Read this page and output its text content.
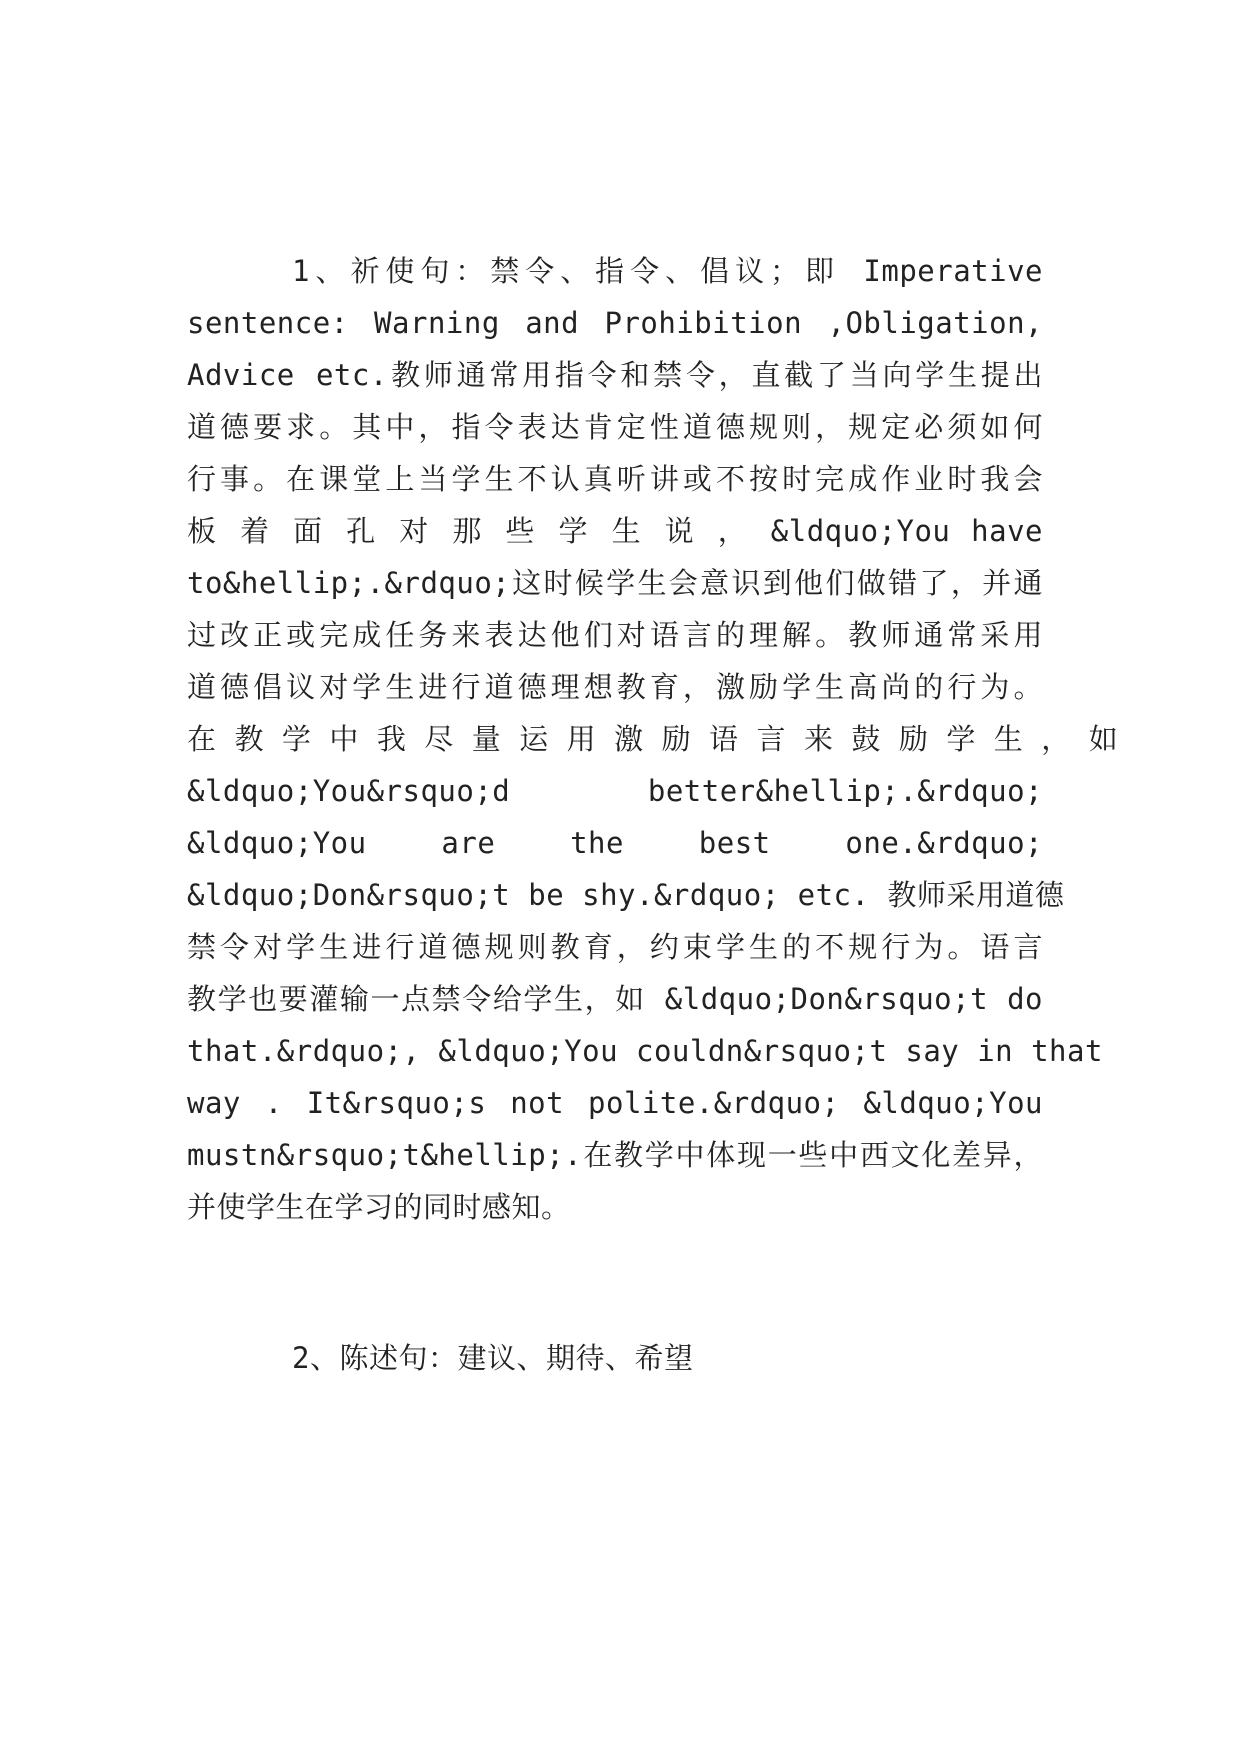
1、祈使句：禁令、指令、倡议；即 Imperative
sentence: Warning and Prohibition ,Obligation,
Advice etc.教师通常用指令和禁令，直截了当向学生提出
道德要求。其中，指令表达肯定性道德规则，规定必须如何
行事。在课堂上当学生不认真听讲或不按时完成作业时我会
板 着 面 孔 对 那 些 学 生 说 ， &ldquo;You have
to&hellip;.&rdquo;这时候学生会意识到他们做错了，并通
过改正或完成任务来表达他们对语言的理解。教师通常采用
道德倡议对学生进行道德理想教育，激励学生高尚的行为。
在 教 学 中 我 尽 量 运 用 激 励 语 言 来 鼓 励 学 生 ， 如
&ldquo;You&rsquo;d better&hellip;.&rdquo;
&ldquo;You are the best one.&rdquo;
&ldquo;Don&rsquo;t be shy.&rdquo; etc. 教师采用道德
禁令对学生进行道德规则教育，约束学生的不规行为。语言
教学也要灌输一点禁令给学生，如 &ldquo;Don&rsquo;t do
that.&rdquo;, &ldquo;You couldn&rsquo;t say in that
way . It&rsquo;s not polite.&rdquo; &ldquo;You
mustn&rsquo;t&hellip;.在教学中体现一些中西文化差异，
并使学生在学习的同时感知。
2、陈述句：建议、期待、希望
